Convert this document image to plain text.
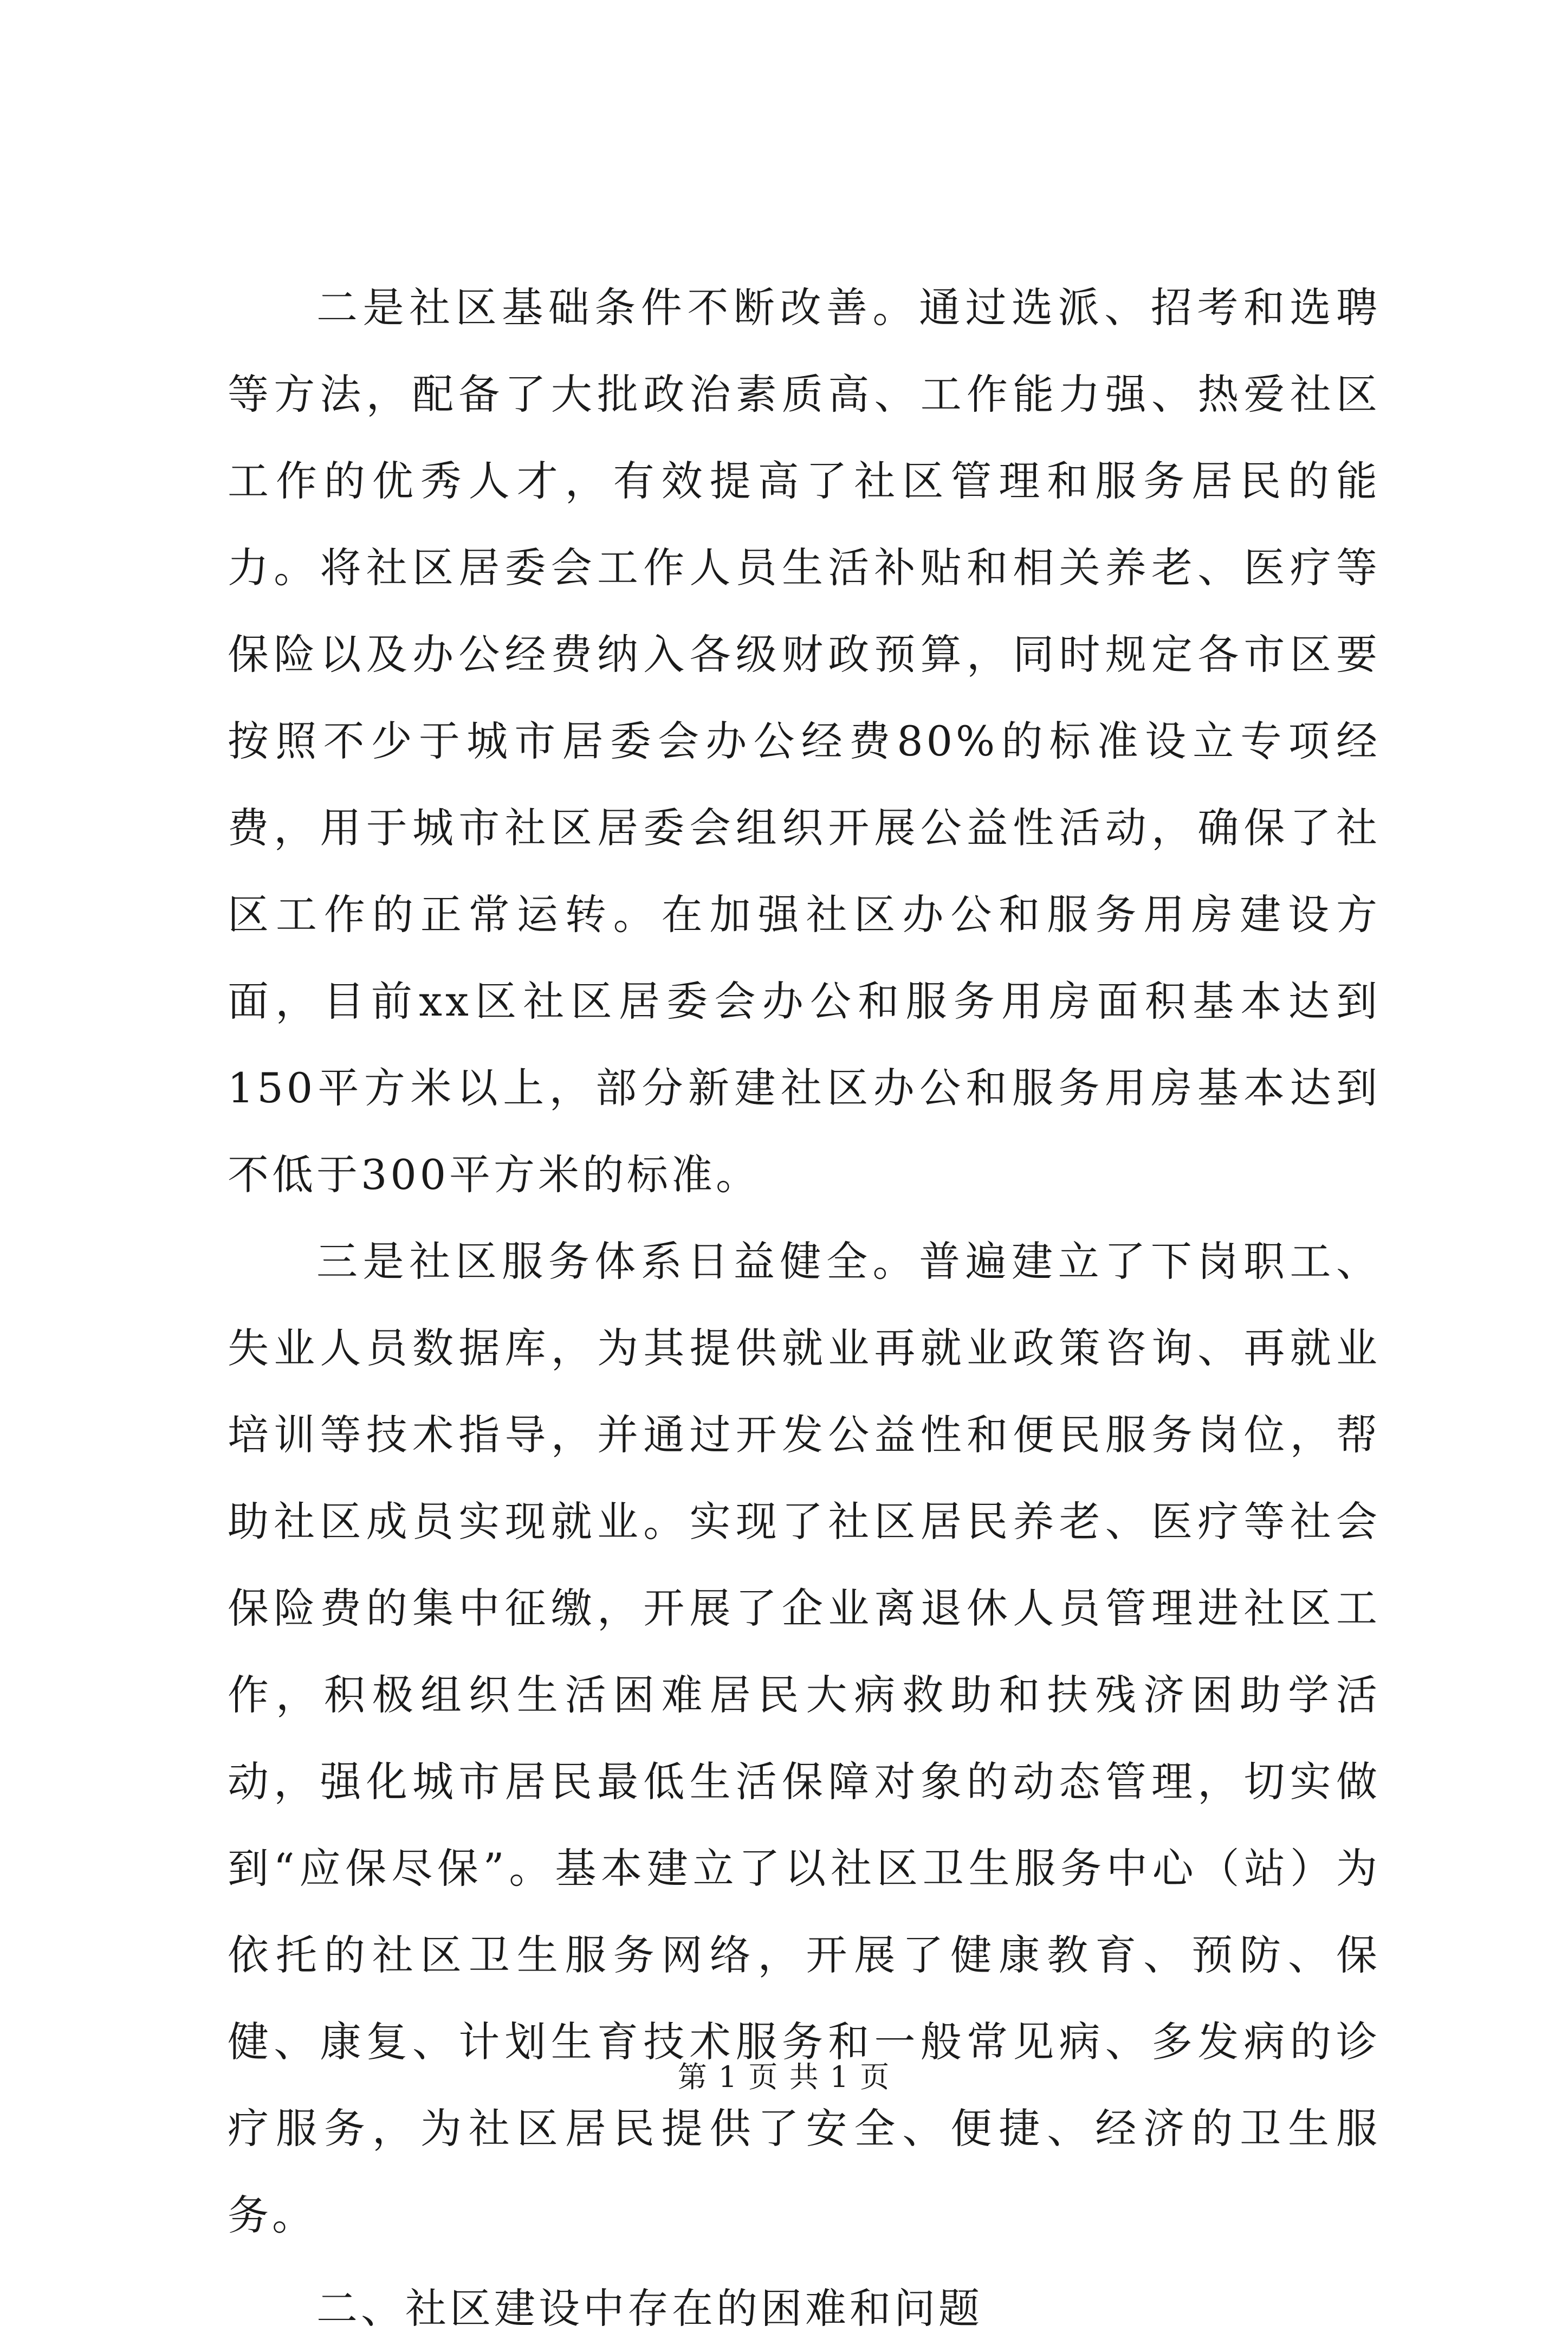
二是社区基础条件不断改善。通过选派、招考和选聘等方法，配备了大批政治素质高、工作能力强、热爱社区工作的优秀人才，有效提高了社区管理和服务居民的能力。将社区居委会工作人员生活补贴和相关养老、医疗等保险以及办公经费纳入各级财政预算，同时规定各市区要按照不少于城市居委会办公经费80%的标准设立专项经费，用于城市社区居委会组织开展公益性活动，确保了社区工作的正常运转。在加强社区办公和服务用房建设方面，目前xx区社区居委会办公和服务用房面积基本达到150平方米以上，部分新建社区办公和服务用房基本达到不低于300平方米的标准。

三是社区服务体系日益健全。普遍建立了下岗职工、失业人员数据库，为其提供就业再就业政策咨询、再就业培训等技术指导，并通过开发公益性和便民服务岗位，帮助社区成员实现就业。实现了社区居民养老、医疗等社会保险费的集中征缴，开展了企业离退休人员管理进社区工作，积极组织生活困难居民大病救助和扶残济困助学活动，强化城市居民最低生活保障对象的动态管理，切实做到“应保尽保”。基本建立了以社区卫生服务中心（站）为依托的社区卫生服务网络，开展了健康教育、预防、保健、康复、计划生育技术服务和一般常见病、多发病的诊疗服务，为社区居民提供了安全、便捷、经济的卫生服务。

二、社区建设中存在的困难和问题

第 1 页 共 1 页
